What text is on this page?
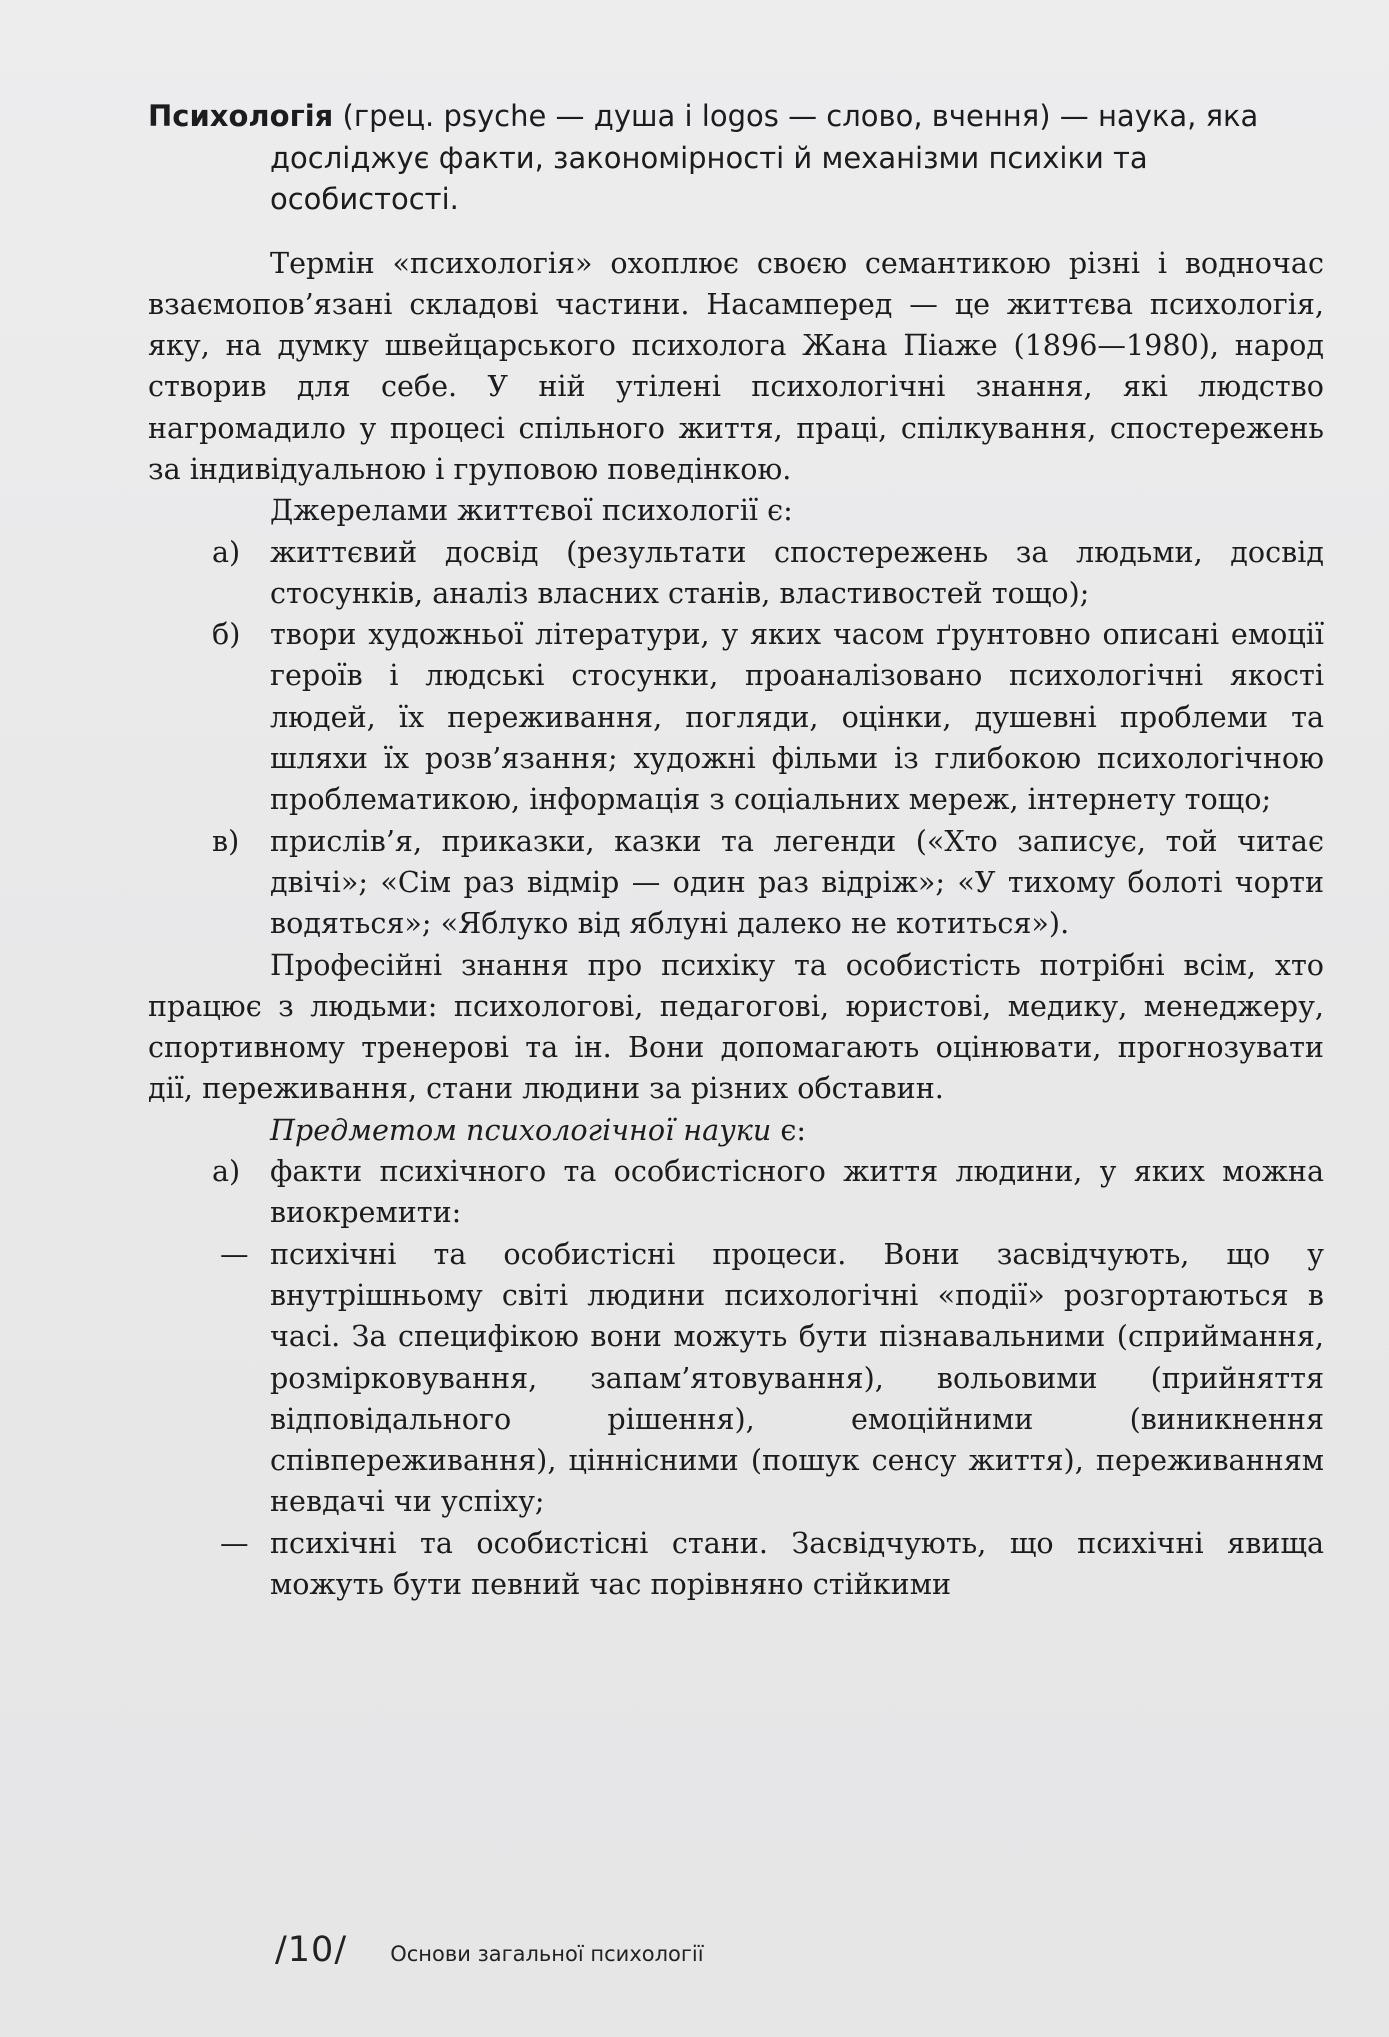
Психологія (грец. psyche — душа і logos — слово, вчення) — наука, яка досліджує факти, закономірності й механізми психіки та особистості.

Термін «психологія» охоплює своєю семантикою різні і водночас взаємопов’язані складові частини. Насамперед — це життєва психологія, яку, на думку швейцарського психолога Жана Піаже (1896—1980), народ створив для себе. У ній утілені психологічні знання, які людство нагромадило у процесі спільного життя, праці, спілкування, спостережень за індивідуальною і груповою поведінкою.

Джерелами життєвої психології є:

а)	життєвий досвід (результати спостережень за людьми, досвід стосунків, аналіз власних станів, властивостей тощо);
б)	твори художньої літератури, у яких часом ґрунтовно описані емоції героїв і людські стосунки, проаналізовано психологічні якості людей, їх переживання, погляди, оцінки, душевні проблеми та шляхи їх розв’язання; художні фільми із глибокою психологічною проблематикою, інформація з соціальних мереж, інтернету тощо;
в)	прислів’я, приказки, казки та легенди («Хто записує, той читає двічі»; «Сім раз відмір — один раз відріж»; «У тихому болоті чорти водяться»; «Яблуко від яблуні далеко не котиться»).

Професійні знання про психіку та особистість потрібні всім, хто працює з людьми: психологові, педагогові, юристові, медику, менеджеру, спортивному тренерові та ін. Вони допомагають оцінювати, прогнозувати дії, переживання, стани людини за різних обставин.

Предметом психологічної науки є:

а)	факти психічного та особистісного життя людини, у яких можна виокремити:
— психічні та особистісні процеси. Вони засвідчують, що у внутрішньому світі людини психологічні «події» розгортаються в часі. За специфікою вони можуть бути пізнавальними (сприймання, розмірковування, запам’ятовування), вольовими (прийняття відповідального рішення), емоційними (виникнення співпереживання), ціннісними (пошук сенсу життя), переживанням невдачі чи успіху;
— психічні та особистісні стани. Засвідчують, що психічні явища можуть бути певний час порівняно стійкими
/10/ Основи загальної психології
